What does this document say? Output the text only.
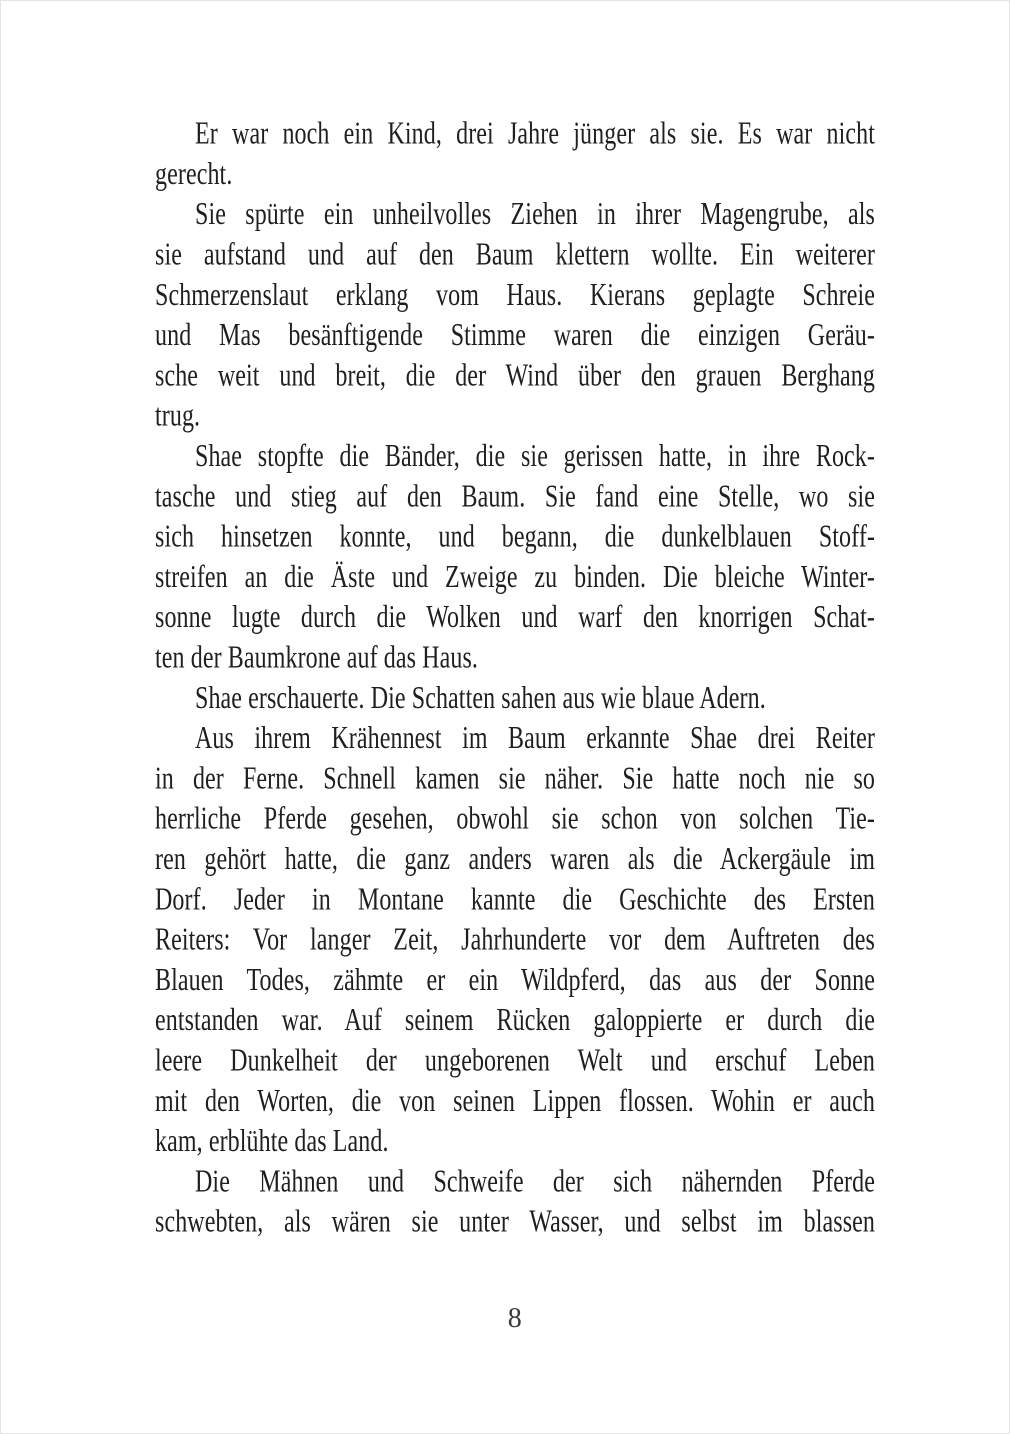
Er war noch ein Kind, drei Jahre jünger als sie. Es war nicht
gerecht.

Sie spürte ein unheilvolles Ziehen in ihrer Magengrube, als
sie aufstand und auf den Baum klettern wollte. Ein weiterer
Schmerzenslaut erklang vom Haus. Kierans geplagte Schreie
und Mas besänftigende Stimme waren die einzigen Geräu-
sche weit und breit, die der Wind über den grauen Berghang
trug.

Shae stopfte die Bänder, die sie gerissen hatte, in ihre Rock-
tasche und stieg auf den Baum. Sie fand eine Stelle, wo sie
sich hinsetzen konnte, und begann, die dunkelblauen Stoff-
streifen an die Äste und Zweige zu binden. Die bleiche Winter-
sonne lugte durch die Wolken und warf den knorrigen Schat-
ten der Baumkrone auf das Haus.

Shae erschauerte. Die Schatten sahen aus wie blaue Adern.

Aus ihrem Krähennest im Baum erkannte Shae drei Reiter
in der Ferne. Schnell kamen sie näher. Sie hatte noch nie so
herrliche Pferde gesehen, obwohl sie schon von solchen Tie-
ren gehört hatte, die ganz anders waren als die Ackergäule im
Dorf. Jeder in Montane kannte die Geschichte des Ersten
Reiters: Vor langer Zeit, Jahrhunderte vor dem Auftreten des
Blauen Todes, zähmte er ein Wildpferd, das aus der Sonne
entstanden war. Auf seinem Rücken galoppierte er durch die
leere Dunkelheit der ungeborenen Welt und erschuf Leben
mit den Worten, die von seinen Lippen flossen. Wohin er auch
kam, erblühte das Land.

Die Mähnen und Schweife der sich nähernden Pferde
schwebten, als wären sie unter Wasser, und selbst im blassen

8
